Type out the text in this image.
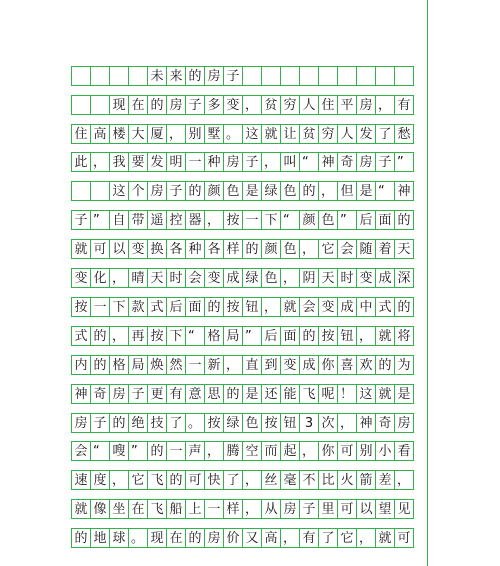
未 来 的 房 子
现 在 的 房 子 多 变 ， 贫 穷 人 住 平 房 ， 有
住 高 楼 大 厦 ， 别 墅 。 这 就 让 贫 穷 人 发 了 愁
此 ， 我 要 发 明 一 种 房 子 ， 叫 “ 神 奇 房 子 ”
这 个 房 子 的 颜 色 是 绿 色 的 ， 但 是 “ 神
子 ” 自 带 遥 控 器 ， 按 一 下 “ 颜 色 ” 后 面 的
就 可 以 变 换 各 种 各 样 的 颜 色 ， 它 会 随 着 天
变 化 ， 晴 天 时 会 变 成 绿 色 ， 阴 天 时 变 成 深
按 一 下 款 式 后 面 的 按 钮 ， 就 会 变 成 中 式 的
式 的 ， 再 按 下 “ 格 局 ” 后 面 的 按 钮 ， 就 将
内 的 格 局 焕 然 一 新 ， 直 到 变 成 你 喜 欢 的 为
神 奇 房 子 更 有 意 思 的 是 还 能 飞 呢 ！ 这 就 是
房 子 的 绝 技 了 。 按 绿 色 按 钮 3 次 ， 神 奇 房
会 “ 嗖 ” 的 一 声 ， 腾 空 而 起 ， 你 可 别 小 看
速 度 ， 它 飞 的 可 快 了 ， 丝 毫 不 比 火 箭 差 ，
就 像 坐 在 飞 船 上 一 样 ， 从 房 子 里 可 以 望 见
的 地 球 。 现 在 的 房 价 又 高 ， 有 了 它 ， 就 可
